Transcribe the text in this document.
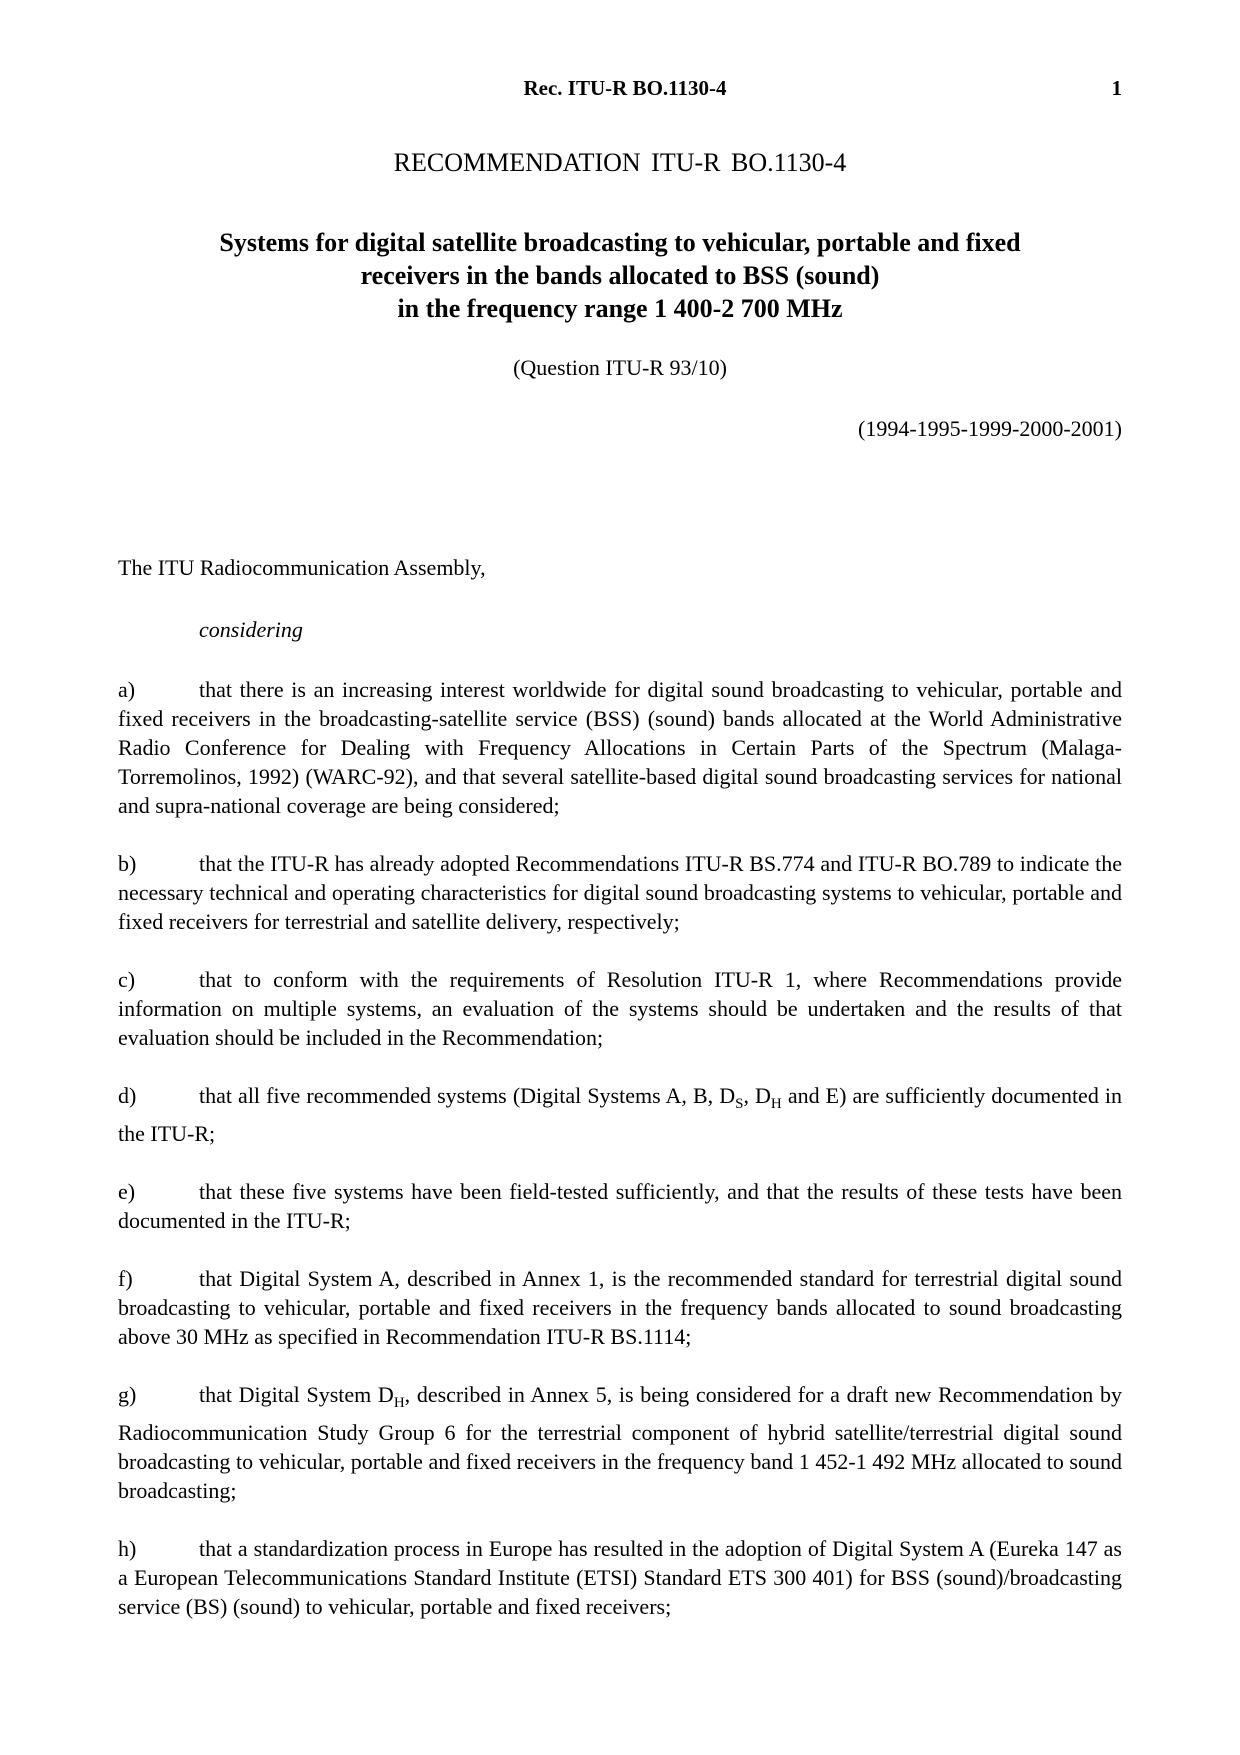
Rec. ITU-R BO.1130-4	1
RECOMMENDATION ITU-R BO.1130-4
Systems for digital satellite broadcasting to vehicular, portable and fixed
receivers in the bands allocated to BSS (sound)
in the frequency range 1 400-2 700 MHz
(Question ITU-R 93/10)
(1994-1995-1999-2000-2001)
The ITU Radiocommunication Assembly,
considering

a)	that there is an increasing interest worldwide for digital sound broadcasting to vehicular, portable and fixed receivers in the broadcasting-satellite service (BSS) (sound) bands allocated at the World Administrative Radio Conference for Dealing with Frequency Allocations in Certain Parts of the Spectrum (Malaga-Torremolinos, 1992) (WARC-92), and that several satellite-based digital sound broadcasting services for national and supra-national coverage are being considered;

b)	that the ITU-R has already adopted Recommendations ITU-R BS.774 and ITU-R BO.789 to indicate the necessary technical and operating characteristics for digital sound broadcasting systems to vehicular, portable and fixed receivers for terrestrial and satellite delivery, respectively;

c)	that to conform with the requirements of Resolution ITU-R 1, where Recommendations provide information on multiple systems, an evaluation of the systems should be undertaken and the results of that evaluation should be included in the Recommendation;

d)	that all five recommended systems (Digital Systems A, B, $D_S$, $D_H$ and E) are sufficiently documented in the ITU-R;

e)	that these five systems have been field-tested sufficiently, and that the results of these tests have been documented in the ITU-R;

f)	that Digital System A, described in Annex 1, is the recommended standard for terrestrial digital sound broadcasting to vehicular, portable and fixed receivers in the frequency bands allocated to sound broadcasting above 30 MHz as specified in Recommendation ITU-R BS.1114;

g)	that Digital System $D_H$, described in Annex 5, is being considered for a draft new Recommendation by Radiocommunication Study Group 6 for the terrestrial component of hybrid satellite/terrestrial digital sound broadcasting to vehicular, portable and fixed receivers in the frequency band 1 452-1 492 MHz allocated to sound broadcasting;

h)	that a standardization process in Europe has resulted in the adoption of Digital System A (Eureka 147 as a European Telecommunications Standard Institute (ETSI) Standard ETS 300 401) for BSS (sound)/broadcasting service (BS) (sound) to vehicular, portable and fixed receivers;
